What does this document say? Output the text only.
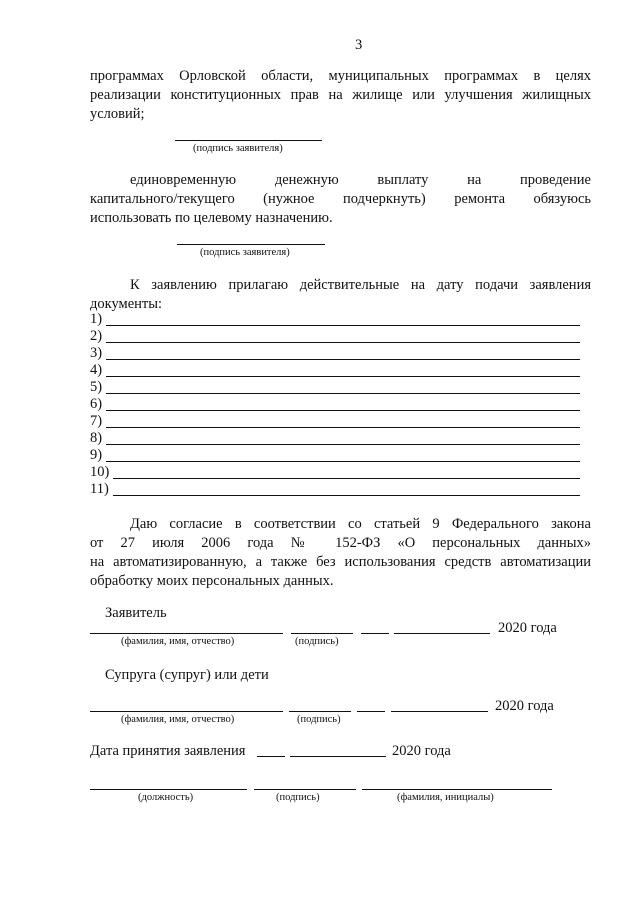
3
программах Орловской области, муниципальных программах в целях
реализации конституционных прав на жилище или улучшения жилищных
условий;
(подпись заявителя)
единовременную денежную выплату на проведение
капитального/текущего (нужное подчеркнуть) ремонта обязуюсь
использовать по целевому назначению.
(подпись заявителя)
К заявлению прилагаю действительные на дату подачи заявления
документы:
1)
2)
3)
4)
5)
6)
7)
8)
9)
10)
11)
Даю согласие в соответствии со статьей 9 Федерального закона
от 27 июля 2006 года № 152-ФЗ «О персональных данных»
на автоматизированную, а также без использования средств автоматизации
обработку моих персональных данных.
Заявитель
2020 года
(фамилия, имя, отчество)	(подпись)
Супруга (супруг) или дети
2020 года
(фамилия, имя, отчество)	(подпись)
Дата принятия заявления	2020 года
(должность)	(подпись)	(фамилия, инициалы)
